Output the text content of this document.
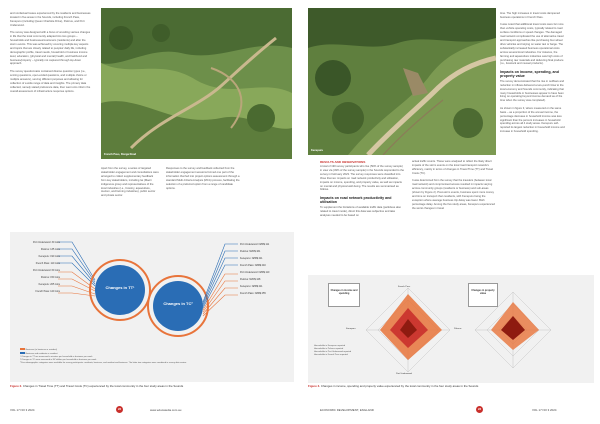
and nonfactual losses experienced by the residents and businesses located in five areas in the Sounds, including French Pass, Kenepuru (including Queen Charlotte Drive), Pelorus, and Port Underwood.

The survey was designed with a focus of unveiling various changes in life that the local community adapted into two groups – households and businesses/customers (residents) and after the storm events. This was achieved by covering multiple key aspects and topics that are closely related to peoples' daily life, including demographic profile, travel needs, household or business income level, education, (physical and mental) health, and livelihood and business/property – typically not captured through top-down approach.

The survey questionnaire contained diverse question types (i.e., scoring questions, open-ended questions, and multiple choice or multiple answers), serving different purposes and allowing for collection of a wide range of data and insights. The primary data collected, namely stated preference data, then went onto inform the overall assessment of infrastructure response options.

French Pass, Ronga Road

Apart from the survey, a series of targeted stakeholder engagement and consultations were arranged to collect supplementary feedback from key stakeholders, including iwi (Maori indigenous group and representatives of the local industries (i.e., forestry, aquaculture, tourism, and farming industries), public sector and private sector.

Responses to the survey and feedback collected from the stakeholder engagement sessions formed one part of the information that fed into project options assessment through a standard Multi-Criteria Analysis (MCA) process, facilitating the selection of a preferred option from a range of candidate options.

Port Underwood: 30 mins
Pelorus: 135 mins
Kenepuru: 190 mins
French Pass: 110 mins
Port Underwood: 60 mins
Pelorus: 150 mins
Kenepuru: 205 mins
French Pass: 120 mins
Changes in TT¹
Changes in TC²
Port Underwood: NZD$ 111
Pelorus: NZD$ 161
Kenepuru: NZD$ 211
French Pass: NZD$ 240
Port Underwood: NZD$ 110
Pelorus: NZD$ 128
Kenepuru: NZD$ 211
French Pass: NZD$ 255
Business (or business or resident)
Business and residents or resident
¹ Changes in TT are measured in minutes per household or business per week.
² Changes in TC were measured in NZ dollars per household or business per week.
³ Four demographic categories were available for survey participants: residents, business, and resident and business. The latter two categories were combined in survey data review.
Figure 2. Changes in Travel Time (TT) and Travel Costs (TC) experienced by the local community in the four study areas in the Sounds
VOL 17 NO 3 2024	22	www.educatedia.com.au
Kenepuru

time. The high increases in travel costs dampened business operations in French Pass.

It was noted that additional travel costs were far more than vehicle operating costs, typically related to road surface conditions or speed changes. The damaged road network complicated the use of alternative travel and transport approaches like purchasing four-wheel drive vehicles and relying on water taxi or barge. The substantially increased business operational costs across several local industries. For instance, the farming and aquaculture industries saw high costs of purchasing raw materials and delivering final produce (i.e., livestock and mussel products).

Impacts on income, spending, and property value

The survey demonstrated that the rise in outflows and reduction in inflows delivered a two-punch blow to the local economy and Sounds community, indicating that many households or businesses appear to have been living on operating beyond income demand as of the time when the survey was completed).

As shown in figure 3, where measured on the same basis – as a proportion of the annual income, the percentage decrease in household income was less significant than the percent increases in household spending across all 4 study areas. Kenepuru self-reported its largest reduction in household income and increase in household spending.

RESULTS AND OBSERVATIONS

A total of 190 survey participants who live (50% of the survey sample) in view via (49% of the survey sample) in the Sounds responded to the survey in February 2023. The survey responses were classified into three themes: impacts on road network productivity and utilisation, impacts on income, spending, and property value, as well as impacts on mental and physical well-being. The results are summarised as follows.

Impacts on road network productivity and utilisation

To supplement the limitations of available traffic data (particless also related to travel mode), direct this data was subjective and take analyses needed to be based on

actual traffic counts. These were analysed to reflect the likely direct impacts of the storm events on the local road transport network's efficiency, mainly in terms of changes in Travel Time (TT) and Travel Costs (TC).

It was determined from the survey that the travelers (between local road network) and compromised access resulted in impacts varying across community groups (residents or business) and sub-areas (shown by Figure 2). Post-storm events, business spent more money and time on transport than residents, with Kenepuru being the exception where average business trip delay was lower. Both percentage delay. Among the five study areas, Kenepuru experienced the worst changes in travel

Changes in income and spending
Changes in property value
French Pass
Pelorus
Port Underwood
Kenepuru
Households in Kenepuru reported
Households in Pelorus reported
Households in Port Underwood reported
Households in French Pass reported
Figure 3. Changes in income, spending and property value experienced by the local community in the four study areas in the Sounds
ECONOMIC DEVELOPMENT, ENGLAND	23	VOL 17 NO 3 2024
